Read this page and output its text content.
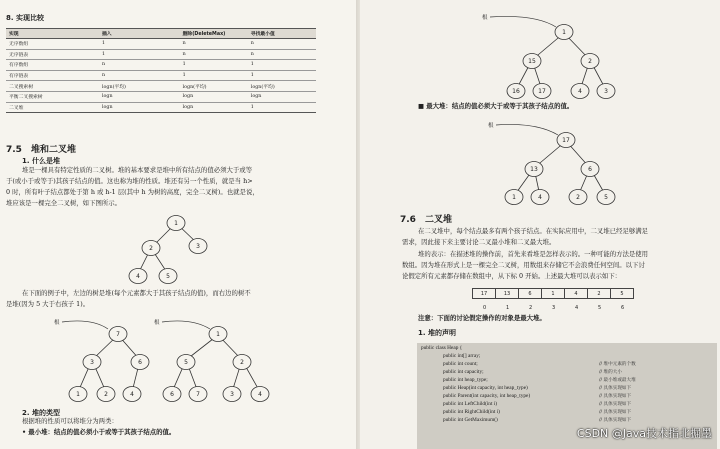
8. 实现比较
实现	插入	删除(DeleteMax)	寻找最小值
无序数组	1	n	n
无序链表	1	n	n
有序数组	n	1	1
有序链表	n	1	1
二叉搜索树	logn(平均)	logn(平均)	logn(平均)
平衡二叉搜索树	logn	logn	logn
二叉堆	logn	logn	1
7.5　堆和二叉堆
1. 什么是堆
堆是一棵具有特定性质的二叉树。堆的基本要求是堆中所有结点的值必须大于或等
于(或小于或等于)其孩子结点的值。这也称为堆的性质。堆还有另一个性质，就是当 h>
0 时，所有叶子结点都处于第 h 或 h-1 层(其中 h 为树的高度，完全二叉树)。也就是说，
堆应该是一棵完全二叉树，如下图所示。
1
2	3
4	5
在下面的例子中，左边的树是堆(每个元素都大于其孩子结点的值)，而右边的树不
是堆(因为 5 大于右孩子 1)。
根
7
3	6
1	2	4
根
1
5	2
6	7	3	4
2. 堆的类型
根据堆的性质可以将堆分为两类：
• 最小堆：结点的值必须小于或等于其孩子结点的值。
根
1
15	2
16	17	4	3
■ 最大堆：结点的值必须大于或等于其孩子结点的值。
根
17
13	6
1	4	2	5
7.6　二叉堆
在二叉堆中，每个结点最多有两个孩子结点。在实际应用中，二叉堆已经足够满足
需求，因此接下来主要讨论二叉最小堆和二叉最大堆。
堆的表示：在描述堆的操作前，首先来看堆是怎样表示的。一种可能的方法是使用
数组。因为堆在形式上是一棵完全二叉树，用数组来存储它不会浪费任何空间。以下讨
论假定所有元素都存储在数组中，从下标 0 开始。上述最大堆可以表示如下：
17	13	6	1	4	2	5
0	1	2	3	4	5	6
注意：下面的讨论假定操作的对象是最大堆。
1. 堆的声明
public class Heap {
public int[] array;
public int count;
public int capacity;
public int heap_type;
public Heap(int capacity, int heap_type)
public Parent(int capacity, int heap_type)
public int LeftChild(int i)
public int RightChild(int i)
public int GetMaximum()
// 堆中元素的个数
// 堆的大小
// 最小堆或最大堆
// 具体实现如下
// 具体实现如下
// 具体实现如下
// 具体实现如下
// 具体实现如下
CSDN @Java技术指北掘墨
